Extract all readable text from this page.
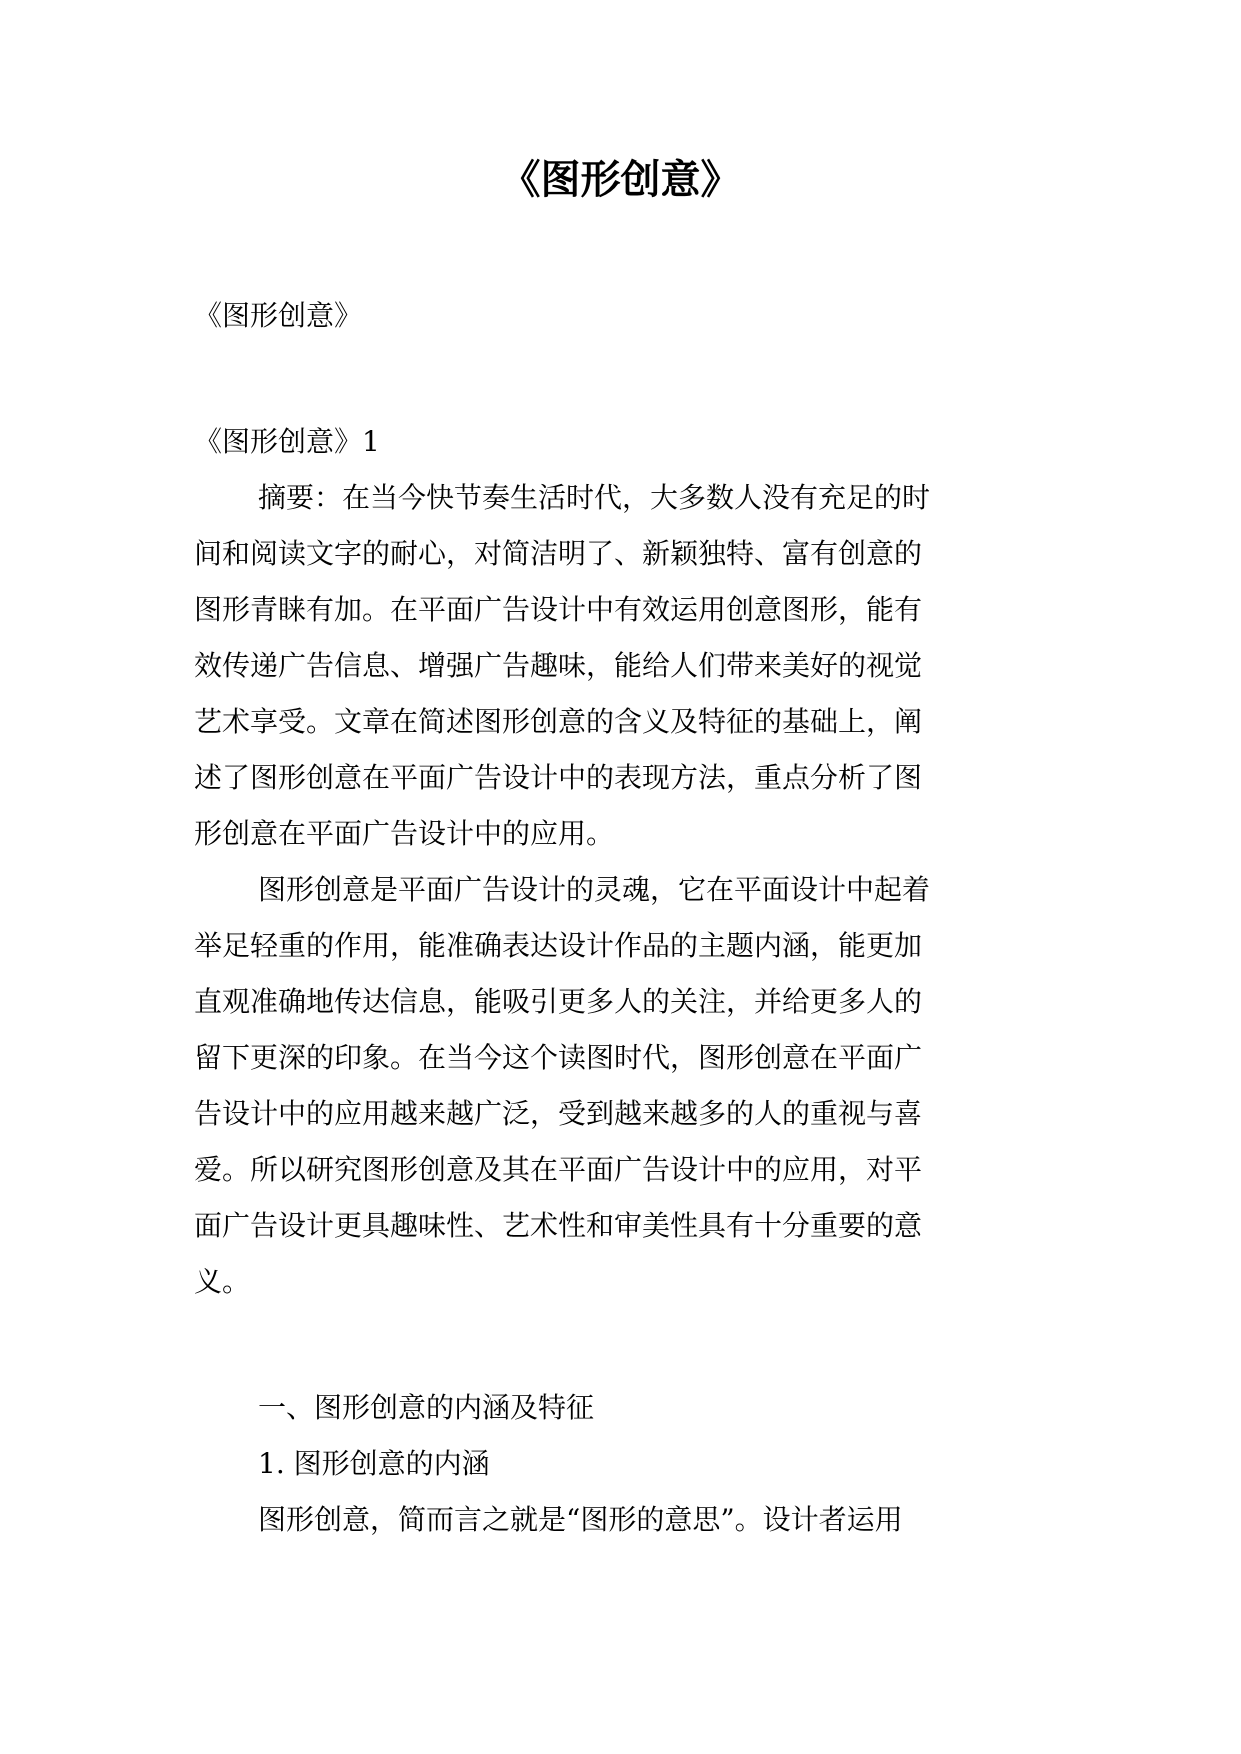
《图形创意》
《图形创意》
《图形创意》1
摘要：在当今快节奏生活时代，大多数人没有充足的时
间和阅读文字的耐心，对简洁明了、新颖独特、富有创意的
图形青睐有加。在平面广告设计中有效运用创意图形，能有
效传递广告信息、增强广告趣味，能给人们带来美好的视觉
艺术享受。文章在简述图形创意的含义及特征的基础上，阐
述了图形创意在平面广告设计中的表现方法，重点分析了图
形创意在平面广告设计中的应用。
图形创意是平面广告设计的灵魂，它在平面设计中起着
举足轻重的作用，能准确表达设计作品的主题内涵，能更加
直观准确地传达信息，能吸引更多人的关注，并给更多人的
留下更深的印象。在当今这个读图时代，图形创意在平面广
告设计中的应用越来越广泛，受到越来越多的人的重视与喜
爱。所以研究图形创意及其在平面广告设计中的应用，对平
面广告设计更具趣味性、艺术性和审美性具有十分重要的意
义。
一、图形创意的内涵及特征
1. 图形创意的内涵
图形创意，简而言之就是“图形的意思”。设计者运用
